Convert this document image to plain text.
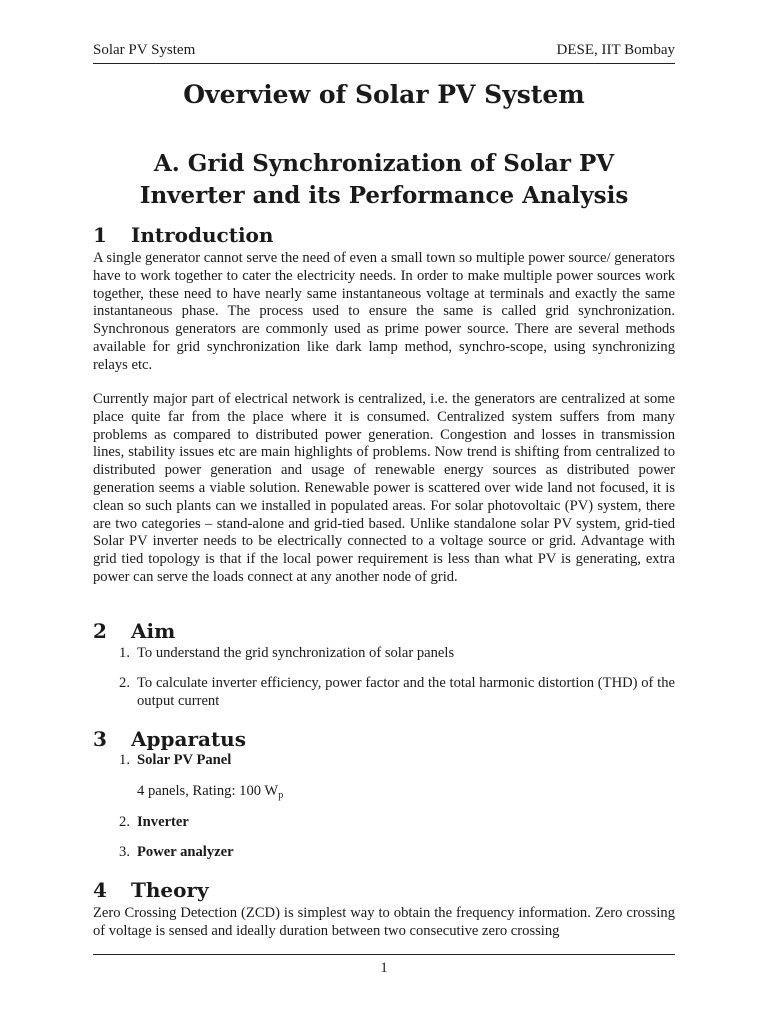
Solar PV System	DESE, IIT Bombay
Overview of Solar PV System
A. Grid Synchronization of Solar PV
Inverter and its Performance Analysis
1	Introduction

A single generator cannot serve the need of even a small town so multiple power source/ generators have to work together to cater the electricity needs. In order to make multiple power sources work together, these need to have nearly same instantaneous voltage at terminals and exactly the same instantaneous phase. The process used to ensure the same is called grid synchronization. Synchronous generators are commonly used as prime power source. There are several methods available for grid synchronization like dark lamp method, synchro-scope, using synchronizing relays etc.

Currently major part of electrical network is centralized, i.e. the generators are centralized at some place quite far from the place where it is consumed. Centralized system suffers from many problems as compared to distributed power generation. Congestion and losses in transmission lines, stability issues etc are main highlights of problems. Now trend is shifting from centralized to distributed power generation and usage of renewable energy sources as distributed power generation seems a viable solution. Renewable power is scattered over wide land not focused, it is clean so such plants can we installed in populated areas. For solar photovoltaic (PV) system, there are two categories – stand-alone and grid-tied based. Unlike standalone solar PV system, grid-tied Solar PV inverter needs to be electrically connected to a voltage source or grid. Advantage with grid tied topology is that if the local power requirement is less than what PV is generating, extra power can serve the loads connect at any another node of grid.

2	Aim
1. To understand the grid synchronization of solar panels
2. To calculate inverter efficiency, power factor and the total harmonic distortion (THD) of the output current
3	Apparatus
1. Solar PV Panel
4 panels, Rating: 100 $W_p$
2. Inverter
3. Power analyzer
4	Theory

Zero Crossing Detection (ZCD) is simplest way to obtain the frequency information. Zero crossing of voltage is sensed and ideally duration between two consecutive zero crossing

1
